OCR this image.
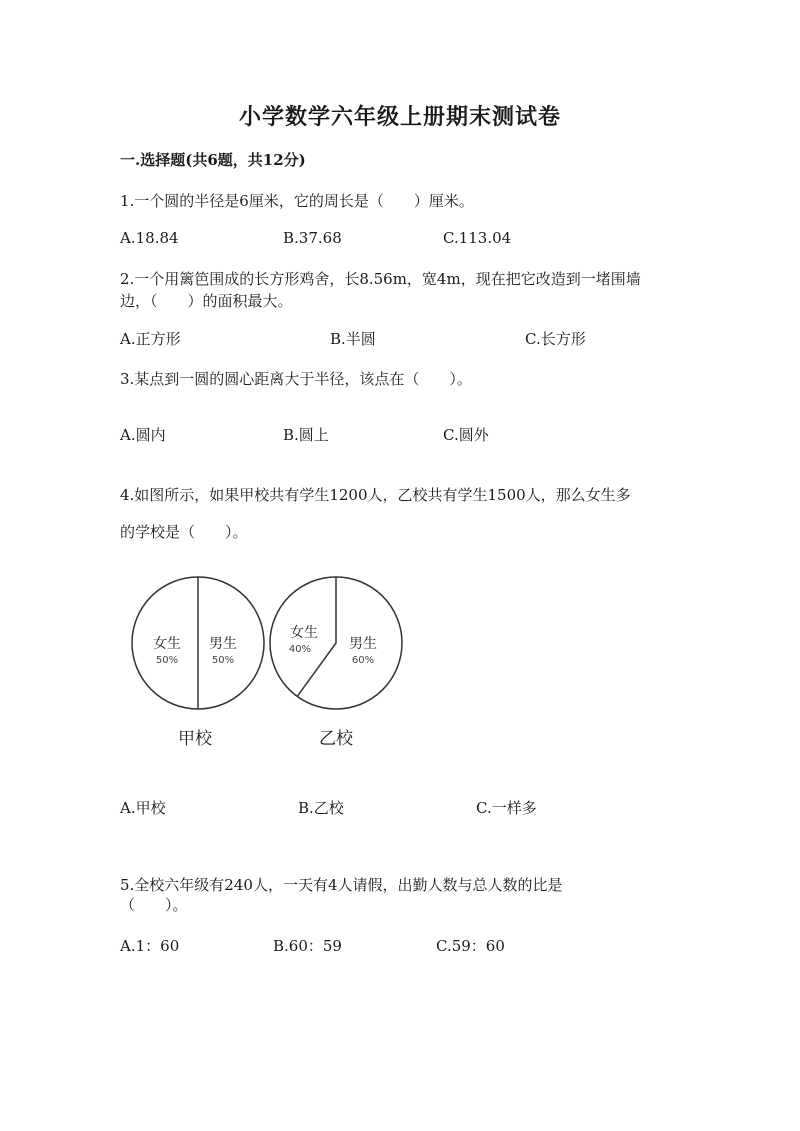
小学数学六年级上册期末测试卷
一.选择题(共6题，共12分)
1.一个圆的半径是6厘米，它的周长是（　　）厘米。
A.18.84	B.37.68	C.113.04
2.一个用篱笆围成的长方形鸡舍，长8.56m，宽4m，现在把它改造到一堵围墙
边，（　　）的面积最大。
A.正方形	B.半圆	C.长方形
3.某点到一圆的圆心距离大于半径，该点在（　　）。
A.圆内	B.圆上	C.圆外
4.如图所示，如果甲校共有学生1200人，乙校共有学生1500人，那么女生多
的学校是（　　）。
女生
50%
男生
50%
女生
40%	男生
60%
甲校	乙校
A.甲校	B.乙校	C.一样多
5.全校六年级有240人，一天有4人请假，出勤人数与总人数的比是
（　　）。
A.1：60	B.60：59	C.59：60
